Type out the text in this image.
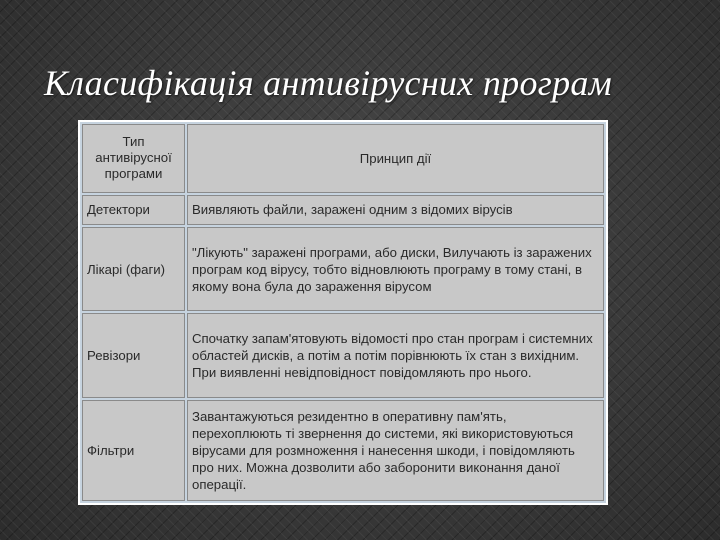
Класифікація антивірусних програм
Тип антивірусної програми	Принцип дії
Детектори	Виявляють файли, заражені одним з відомих вірусів
Лікарі (фаги)	"Лікують" заражені програми, або диски, Вилучають із заражених програм код вірусу, тобто відновлюють програму в тому стані, в якому вона була до зараження вірусом
Ревізори	Спочатку запам'ятовують відомості про стан програм і системних областей дисків, а потім а потім порівнюють їх стан з вихідним. При виявленні невідповідност повідомляють про нього.
Фільтри	Завантажуються резидентно в оперативну пам'ять, перехоплюють ті звернення до системи, які використовуються вірусами для розмноження і нанесення шкоди, і повідомляють про них. Можна дозволити або заборонити виконання даної операції.
